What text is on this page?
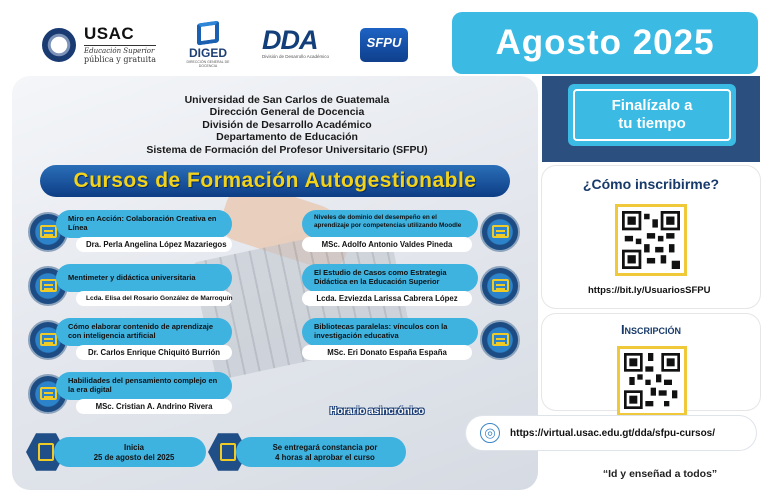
USAC
Educación Superior
pública y gratuita	DIGED
DIRECCIÓN GENERAL DE DOCENCIA
DDA
División de Desarrollo Académico
SFPU	Agosto 2025
Universidad de San Carlos de Guatemala
Dirección General de Docencia
División de Desarrollo Académico
Departamento de Educación
Sistema de Formación del Profesor Universitario (SFPU)
Cursos de Formación Autogestionable
Miro en Acción: Colaboración Creativa en Línea
Dra. Perla Angelina López Mazariegos
Mentimeter y didáctica universitaria
Lcda. Elisa del Rosario González de Marroquín
Cómo elaborar contenido de aprendizaje con inteligencia artificial
Dr. Carlos Enrique Chiquitó Burrión
Habilidades del pensamiento complejo en la era digital
MSc. Cristian A. Andrino Rivera
Niveles de dominio del desempeño en el aprendizaje por competencias utilizando Moodle
MSc. Adolfo Antonio Valdes Pineda
El Estudio de Casos como Estrategia Didáctica en la Educación Superior
Lcda. Ezviezda Larissa Cabrera López
Bibliotecas paralelas: vínculos con la investigación educativa
MSc. Eri Donato España España
Horario asincrónico
Inicia
25 de agosto del 2025
Se entregará constancia por
4 horas al aprobar el curso
Finalízalo a
tu tiempo
¿Cómo inscribirme?
https://bit.ly/UsuariosSFPU
Inscripción
◎	https://virtual.usac.edu.gt/dda/sfpu-cursos/
“Id y enseñad a todos”
